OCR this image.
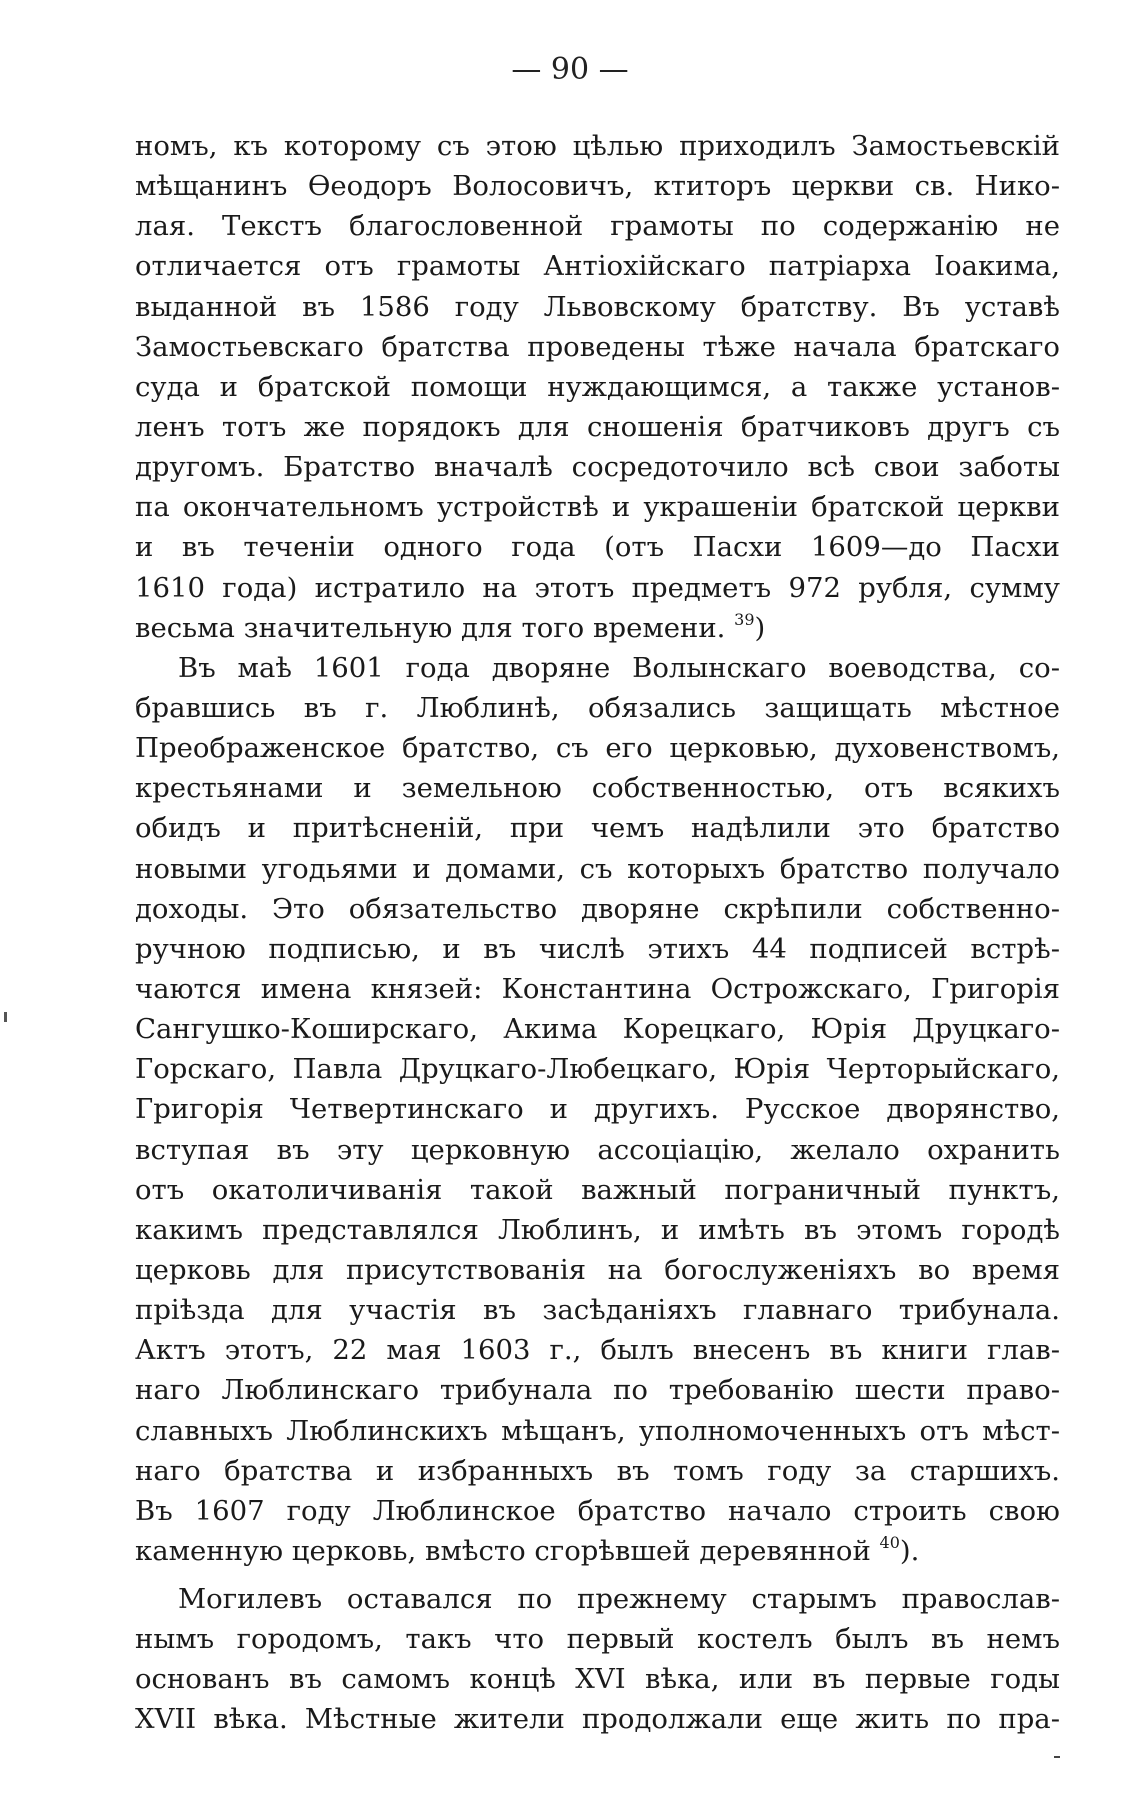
— 90 —
номъ, къ которому съ этою цѣлью приходилъ Замостьевскій
мѣщанинъ Ѳеодоръ Волосовичъ, ктиторъ церкви св. Нико-
лая. Текстъ благословенной грамоты по содержанію не
отличается отъ грамоты Антіохійскаго патріарха Іоакима,
выданной въ 1586 году Львовскому братству. Въ уставѣ
Замостьевскаго братства проведены тѣже начала братскаго
суда и братской помощи нуждающимся, а также установ-
ленъ тотъ же порядокъ для сношенія братчиковъ другъ съ
другомъ. Братство вначалѣ сосредоточило всѣ свои заботы
па окончательномъ устройствѣ и украшеніи братской церкви
и въ теченіи одного года (отъ Пасхи 1609—до Пасхи
1610 года) истратило на этотъ предметъ 972 рубля, сумму
весьма значительную для того времени. $^{39}$)
Въ маѣ 1601 года дворяне Волынскаго воеводства, со-
бравшись въ г. Люблинѣ, обязались защищать мѣстное
Преображенское братство, съ его церковью, духовенствомъ,
крестьянами и земельною собственностью, отъ всякихъ
обидъ и притѣсненій, при чемъ надѣлили это братство
новыми угодьями и домами, съ которыхъ братство получало
доходы. Это обязательство дворяне скрѣпили собственно-
ручною подписью, и въ числѣ этихъ 44 подписей встрѣ-
чаются имена князей: Константина Острожскаго, Григорія
Сангушко-Коширскаго, Акима Корецкаго, Юрія Друцкаго-
Горскаго, Павла Друцкаго-Любецкаго, Юрія Черторыйскаго,
Григорія Четвертинскаго и другихъ. Русское дворянство,
вступая въ эту церковную ассоціацію, желало охранить
отъ окатоличиванія такой важный пограничный пунктъ,
какимъ представлялся Люблинъ, и имѣть въ этомъ городѣ
церковь для присутствованія на богослуженіяхъ во время
пріѣзда для участія въ засѣданіяхъ главнаго трибунала.
Актъ этотъ, 22 мая 1603 г., былъ внесенъ въ книги глав-
наго Люблинскаго трибунала по требованію шести право-
славныхъ Люблинскихъ мѣщанъ, уполномоченныхъ отъ мѣст-
наго братства и избранныхъ въ томъ году за старшихъ.
Въ 1607 году Люблинское братство начало строить свою
каменную церковь, вмѣсто сгорѣвшей деревянной $^{40}$).
Могилевъ оставался по прежнему старымъ православ-
нымъ городомъ, такъ что первый костелъ былъ въ немъ
основанъ въ самомъ концѣ XVI вѣка, или въ первые годы
XVII вѣка. Мѣстные жители продолжали еще жить по пра-
